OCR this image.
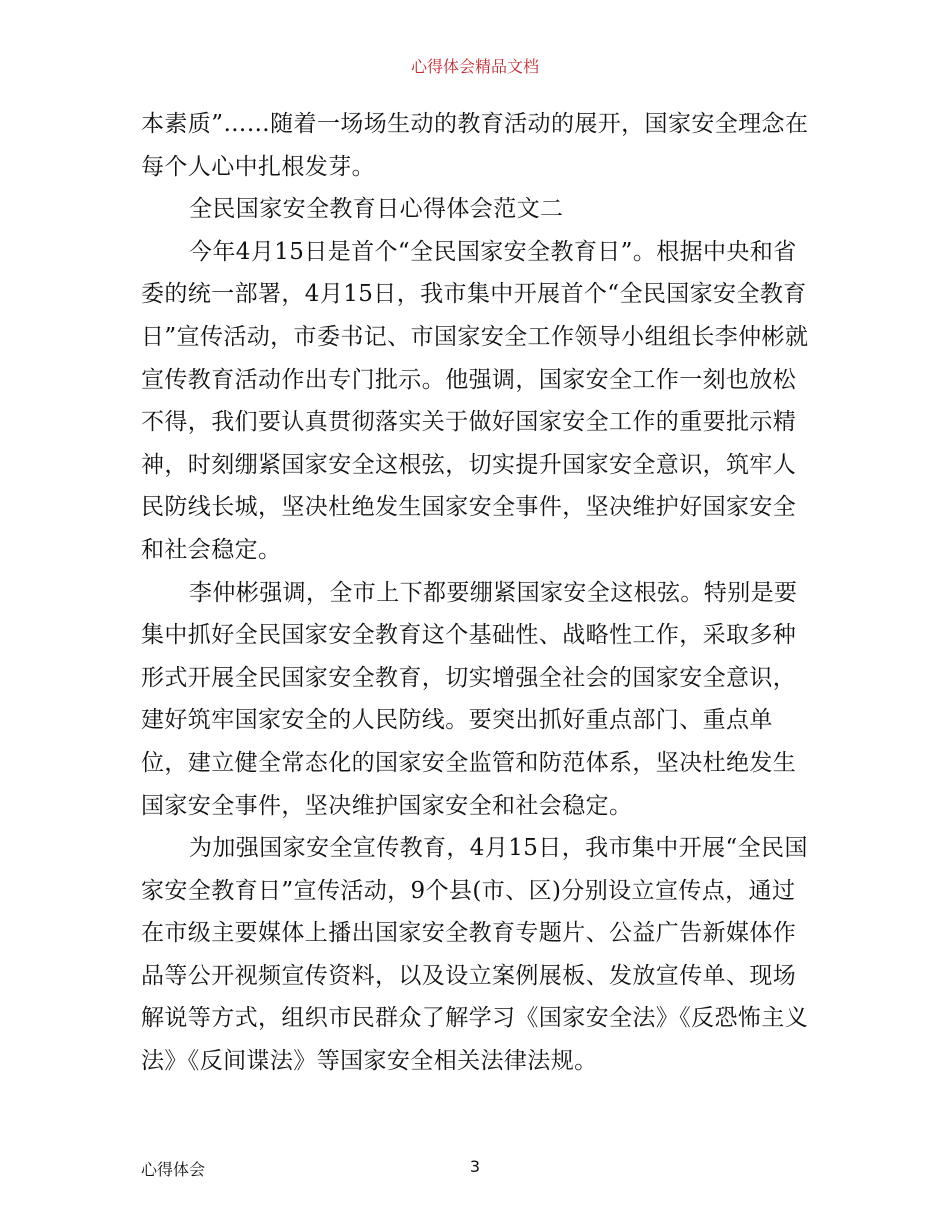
心得体会精品文档

本素质”……随着一场场生动的教育活动的展开，国家安全理念在每个人心中扎根发芽。

全民国家安全教育日心得体会范文二

今年4月15日是首个“全民国家安全教育日”。根据中央和省委的统一部署，4月15日，我市集中开展首个“全民国家安全教育日”宣传活动，市委书记、市国家安全工作领导小组组长李仲彬就宣传教育活动作出专门批示。他强调，国家安全工作一刻也放松不得，我们要认真贯彻落实关于做好国家安全工作的重要批示精神，时刻绷紧国家安全这根弦，切实提升国家安全意识，筑牢人民防线长城，坚决杜绝发生国家安全事件，坚决维护好国家安全和社会稳定。

李仲彬强调，全市上下都要绷紧国家安全这根弦。特别是要集中抓好全民国家安全教育这个基础性、战略性工作，采取多种形式开展全民国家安全教育，切实增强全社会的国家安全意识，建好筑牢国家安全的人民防线。要突出抓好重点部门、重点单位，建立健全常态化的国家安全监管和防范体系，坚决杜绝发生国家安全事件，坚决维护国家安全和社会稳定。

为加强国家安全宣传教育，4月15日，我市集中开展“全民国家安全教育日”宣传活动，9个县(市、区)分别设立宣传点，通过在市级主要媒体上播出国家安全教育专题片、公益广告新媒体作品等公开视频宣传资料，以及设立案例展板、发放宣传单、现场解说等方式，组织市民群众了解学习《国家安全法》《反恐怖主义法》《反间谍法》等国家安全相关法律法规。

心得体会	3
